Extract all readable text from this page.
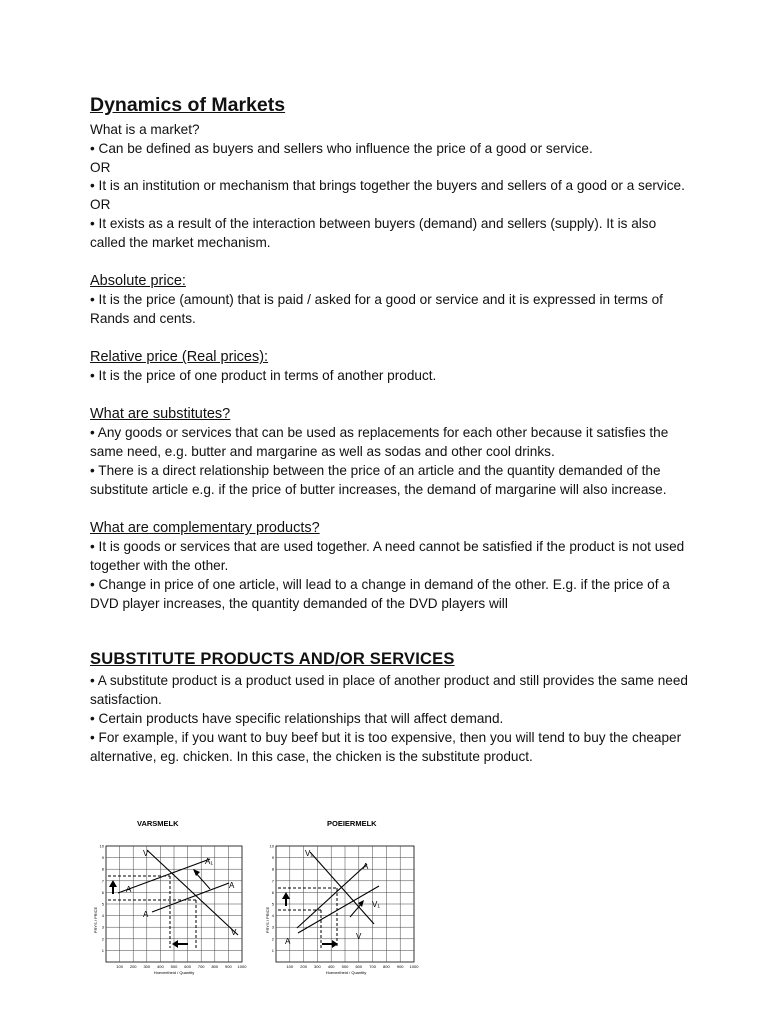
Dynamics of Markets

What is a market?

• Can be defined as buyers and sellers who influence the price of a good or service.

OR

• It is an institution or mechanism that brings together the buyers and sellers of a good or a service.

OR

• It exists as a result of the interaction between buyers (demand) and sellers (supply). It is also called the market mechanism.

Absolute price:

• It is the price (amount) that is paid / asked for a good or service and it is expressed in terms of Rands and cents.

Relative price (Real prices):

• It is the price of one product in terms of another product.

What are substitutes?

• Any goods or services that can be used as replacements for each other because it satisfies the same need, e.g. butter and margarine as well as sodas and other cool drinks.

• There is a direct relationship between the price of an article and the quantity demanded of the substitute article e.g. if the price of butter increases, the demand of margarine will also increase.

What are complementary products?

• It is goods or services that are used together. A need cannot be satisfied if the product is not used together with the other.

• Change in price of one article, will lead to a change in demand of the other. E.g. if the price of a DVD player increases, the quantity demanded of the DVD players will

SUBSTITUTE PRODUCTS AND/OR SERVICES

• A substitute product is a product used in place of another product and still provides the same need satisfaction.

• Certain products have specific relationships that will affect demand.

• For example, if you want to buy beef but it is too expensive, then you will tend to buy the cheaper alternative, eg. chicken. In this case, the chicken is the substitute product.

VARSMELK
1
2
3
4
5
6
7
8
9
10
100 200 300 400 500 600 700 800 900 1000
PRYS / PRICE
Hoeveelheid / Quantity
V
A₁
A	A
A
V
POEIERMELK
1
2
3
4
5
6
7
8
9
10
100 200 300 400 500 600 700 800 900 1000
PRYS / PRICE
Hoeveelheid / Quantity
V₁
A
V₁
A
V
